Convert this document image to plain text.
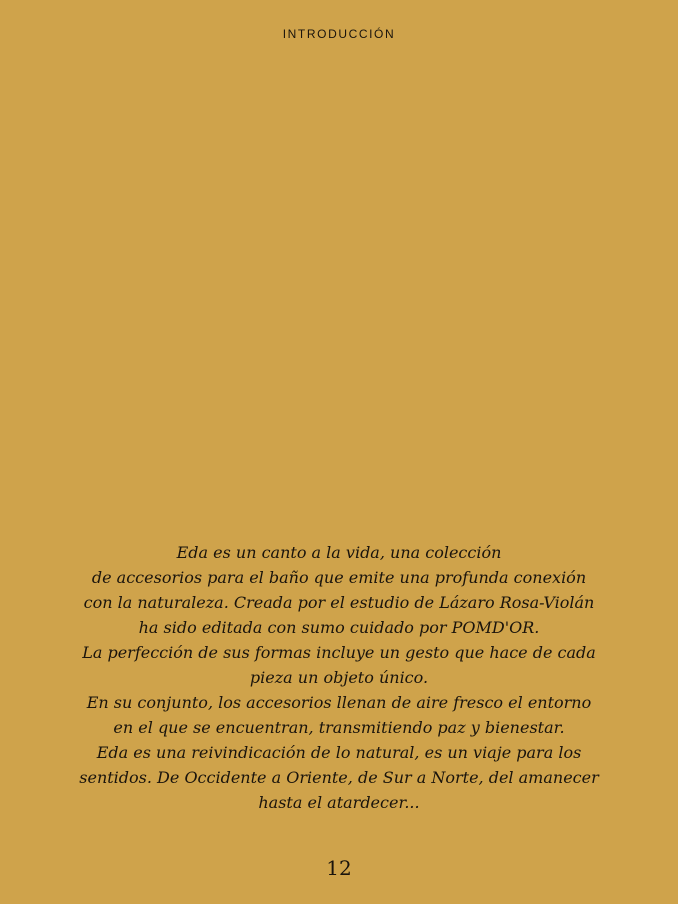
INTRODUCCIÓN

Eda es un canto a la vida, una colección
de accesorios para el baño que emite una profunda conexión
con la naturaleza. Creada por el estudio de Lázaro Rosa-Violán
ha sido editada con sumo cuidado por POMD'OR.
La perfección de sus formas incluye un gesto que hace de cada
pieza un objeto único.
En su conjunto, los accesorios llenan de aire fresco el entorno
en el que se encuentran, transmitiendo paz y bienestar.
Eda es una reivindicación de lo natural, es un viaje para los
sentidos. De Occidente a Oriente, de Sur a Norte, del amanecer
hasta el atardecer...

12
